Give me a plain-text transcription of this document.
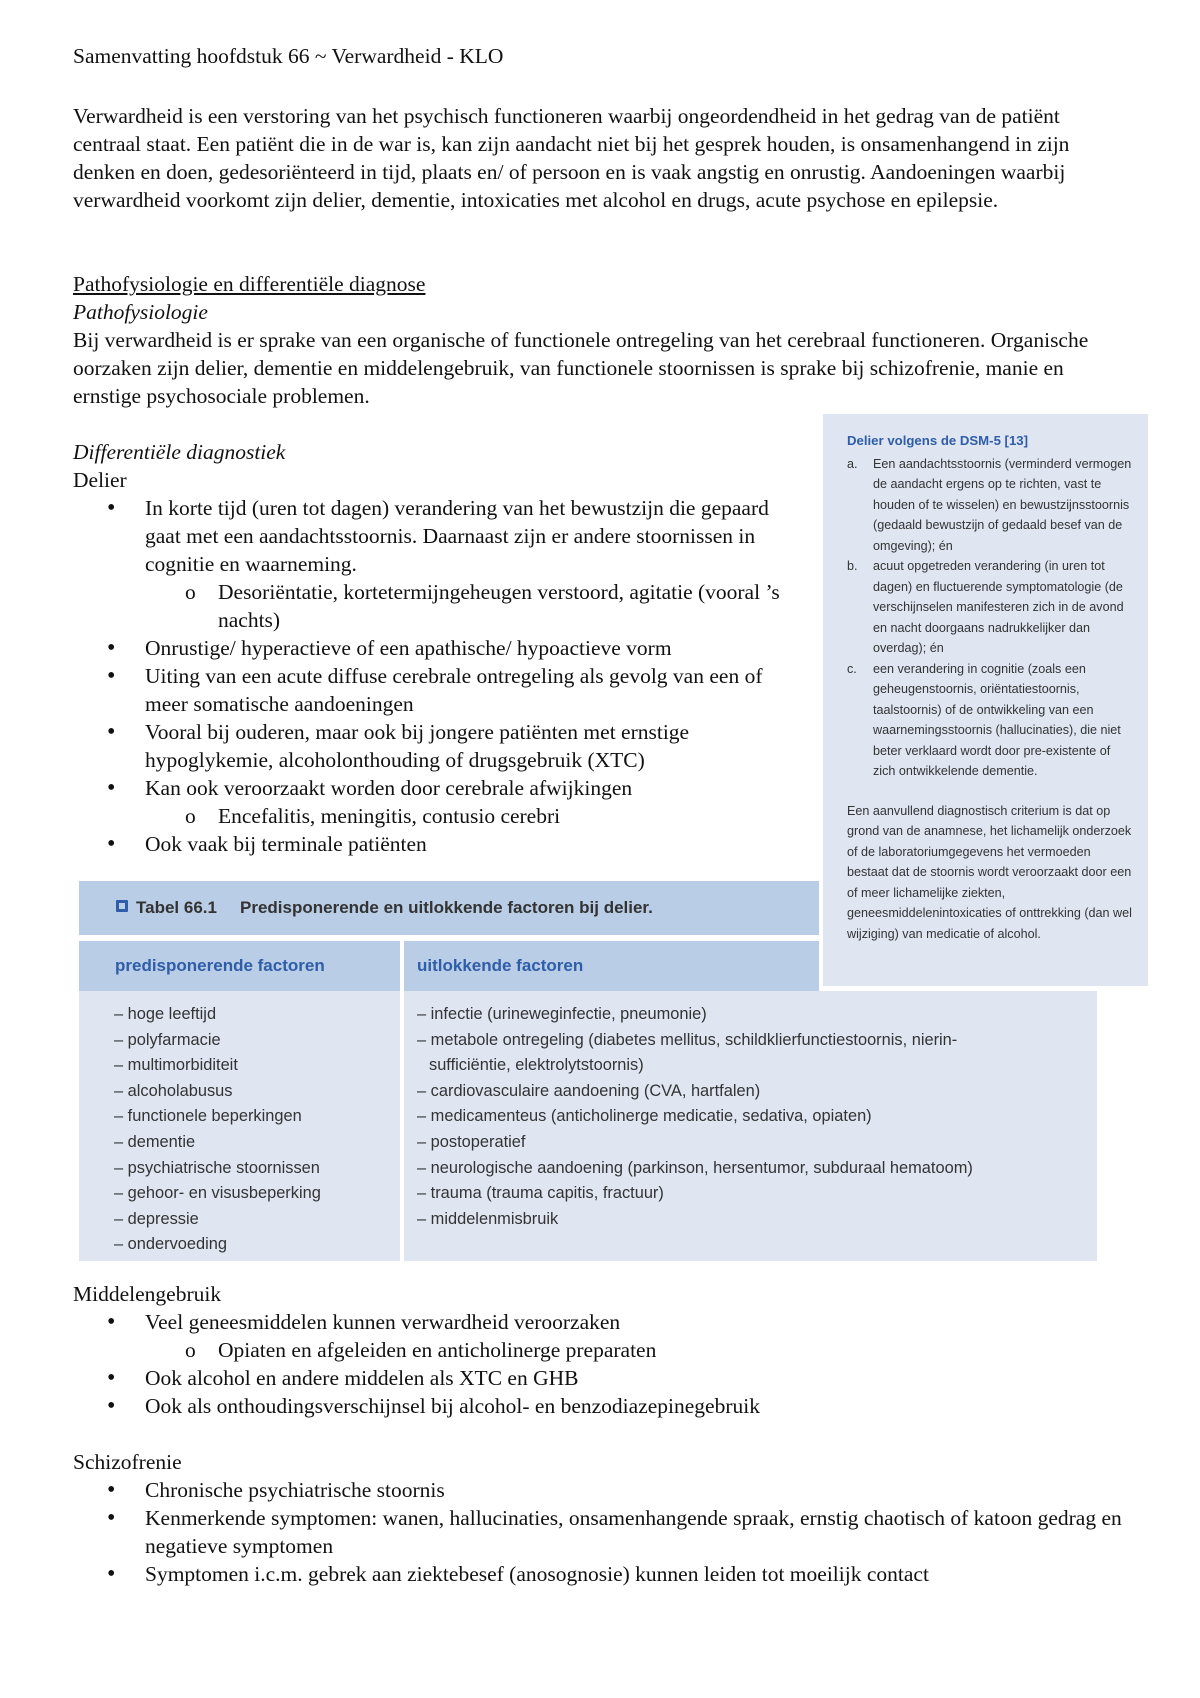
Samenvatting hoofdstuk 66 ~ Verwardheid - KLO

Verwardheid is een verstoring van het psychisch functioneren waarbij ongeordendheid in het gedrag van de patiënt centraal staat. Een patiënt die in de war is, kan zijn aandacht niet bij het gesprek houden, is onsamenhangend in zijn denken en doen, gedesoriënteerd in tijd, plaats en/ of persoon en is vaak angstig en onrustig. Aandoeningen waarbij verwardheid voorkomt zijn delier, dementie, intoxicaties met alcohol en drugs, acute psychose en epilepsie.

Pathofysiologie en differentiële diagnose
Pathofysiologie

Bij verwardheid is er sprake van een organische of functionele ontregeling van het cerebraal functioneren. Organische oorzaken zijn delier, dementie en middelengebruik, van functionele stoornissen is sprake bij schizofrenie, manie en ernstige psychosociale problemen.

Differentiële diagnostiek
Delier
• In korte tijd (uren tot dagen) verandering van het bewustzijn die gepaard gaat met een aandachtsstoornis. Daarnaast zijn er andere stoornissen in cognitie en waarneming.
o Desoriëntatie, kortetermijngeheugen verstoord, agitatie (vooral ’s nachts)
• Onrustige/ hyperactieve of een apathische/ hypoactieve vorm
• Uiting van een acute diffuse cerebrale ontregeling als gevolg van een of meer somatische aandoeningen
• Vooral bij ouderen, maar ook bij jongere patiënten met ernstige hypoglykemie, alcoholonthouding of drugsgebruik (XTC)
• Kan ook veroorzaakt worden door cerebrale afwijkingen
o Encefalitis, meningitis, contusio cerebri
• Ook vaak bij terminale patiënten
Delier volgens de DSM-5 [13]
a. Een aandachtsstoornis (verminderd vermogen de aandacht ergens op te richten, vast te houden of te wisselen) en bewustzijnsstoornis (gedaald bewustzijn of gedaald besef van de omgeving); én
b. acuut opgetreden verandering (in uren tot dagen) en fluctuerende symptomatologie (de verschijnselen manifesteren zich in de avond en nacht doorgaans nadrukkelijker dan overdag); én
c. een verandering in cognitie (zoals een geheugenstoornis, oriëntatiestoornis, taalstoornis) of de ontwikkeling van een waarnemingsstoornis (hallucinaties), die niet beter verklaard wordt door pre-existente of zich ontwikkelende dementie.
Een aanvullend diagnostisch criterium is dat op grond van de anamnese, het lichamelijk onderzoek of de laboratoriumgegevens het vermoeden bestaat dat de stoornis wordt veroorzaakt door een of meer lichamelijke ziekten, geneesmiddelenintoxicaties of onttrekking (dan wel wijziging) van medicatie of alcohol.
Tabel 66.1 Predisponerende en uitlokkende factoren bij delier.
predisponerende factoren	uitlokkende factoren
– hoge leeftijd
– polyfarmacie
– multimorbiditeit
– alcoholabusus
– functionele beperkingen
– dementie
– psychiatrische stoornissen
– gehoor- en visusbeperking
– depressie
– ondervoeding
– infectie (urineweginfectie, pneumonie)
– metabole ontregeling (diabetes mellitus, schildklierfunctiestoornis, nierin-
sufficiëntie, elektrolytstoornis)
– cardiovasculaire aandoening (CVA, hartfalen)
– medicamenteus (anticholinerge medicatie, sedativa, opiaten)
– postoperatief
– neurologische aandoening (parkinson, hersentumor, subduraal hematoom)
– trauma (trauma capitis, fractuur)
– middelenmisbruik
Middelengebruik
• Veel geneesmiddelen kunnen verwardheid veroorzaken
o Opiaten en afgeleiden en anticholinerge preparaten
• Ook alcohol en andere middelen als XTC en GHB
• Ook als onthoudingsverschijnsel bij alcohol- en benzodiazepinegebruik
Schizofrenie
• Chronische psychiatrische stoornis
• Kenmerkende symptomen: wanen, hallucinaties, onsamenhangende spraak, ernstig chaotisch of katoon gedrag en negatieve symptomen
• Symptomen i.c.m. gebrek aan ziektebesef (anosognosie) kunnen leiden tot moeilijk contact
